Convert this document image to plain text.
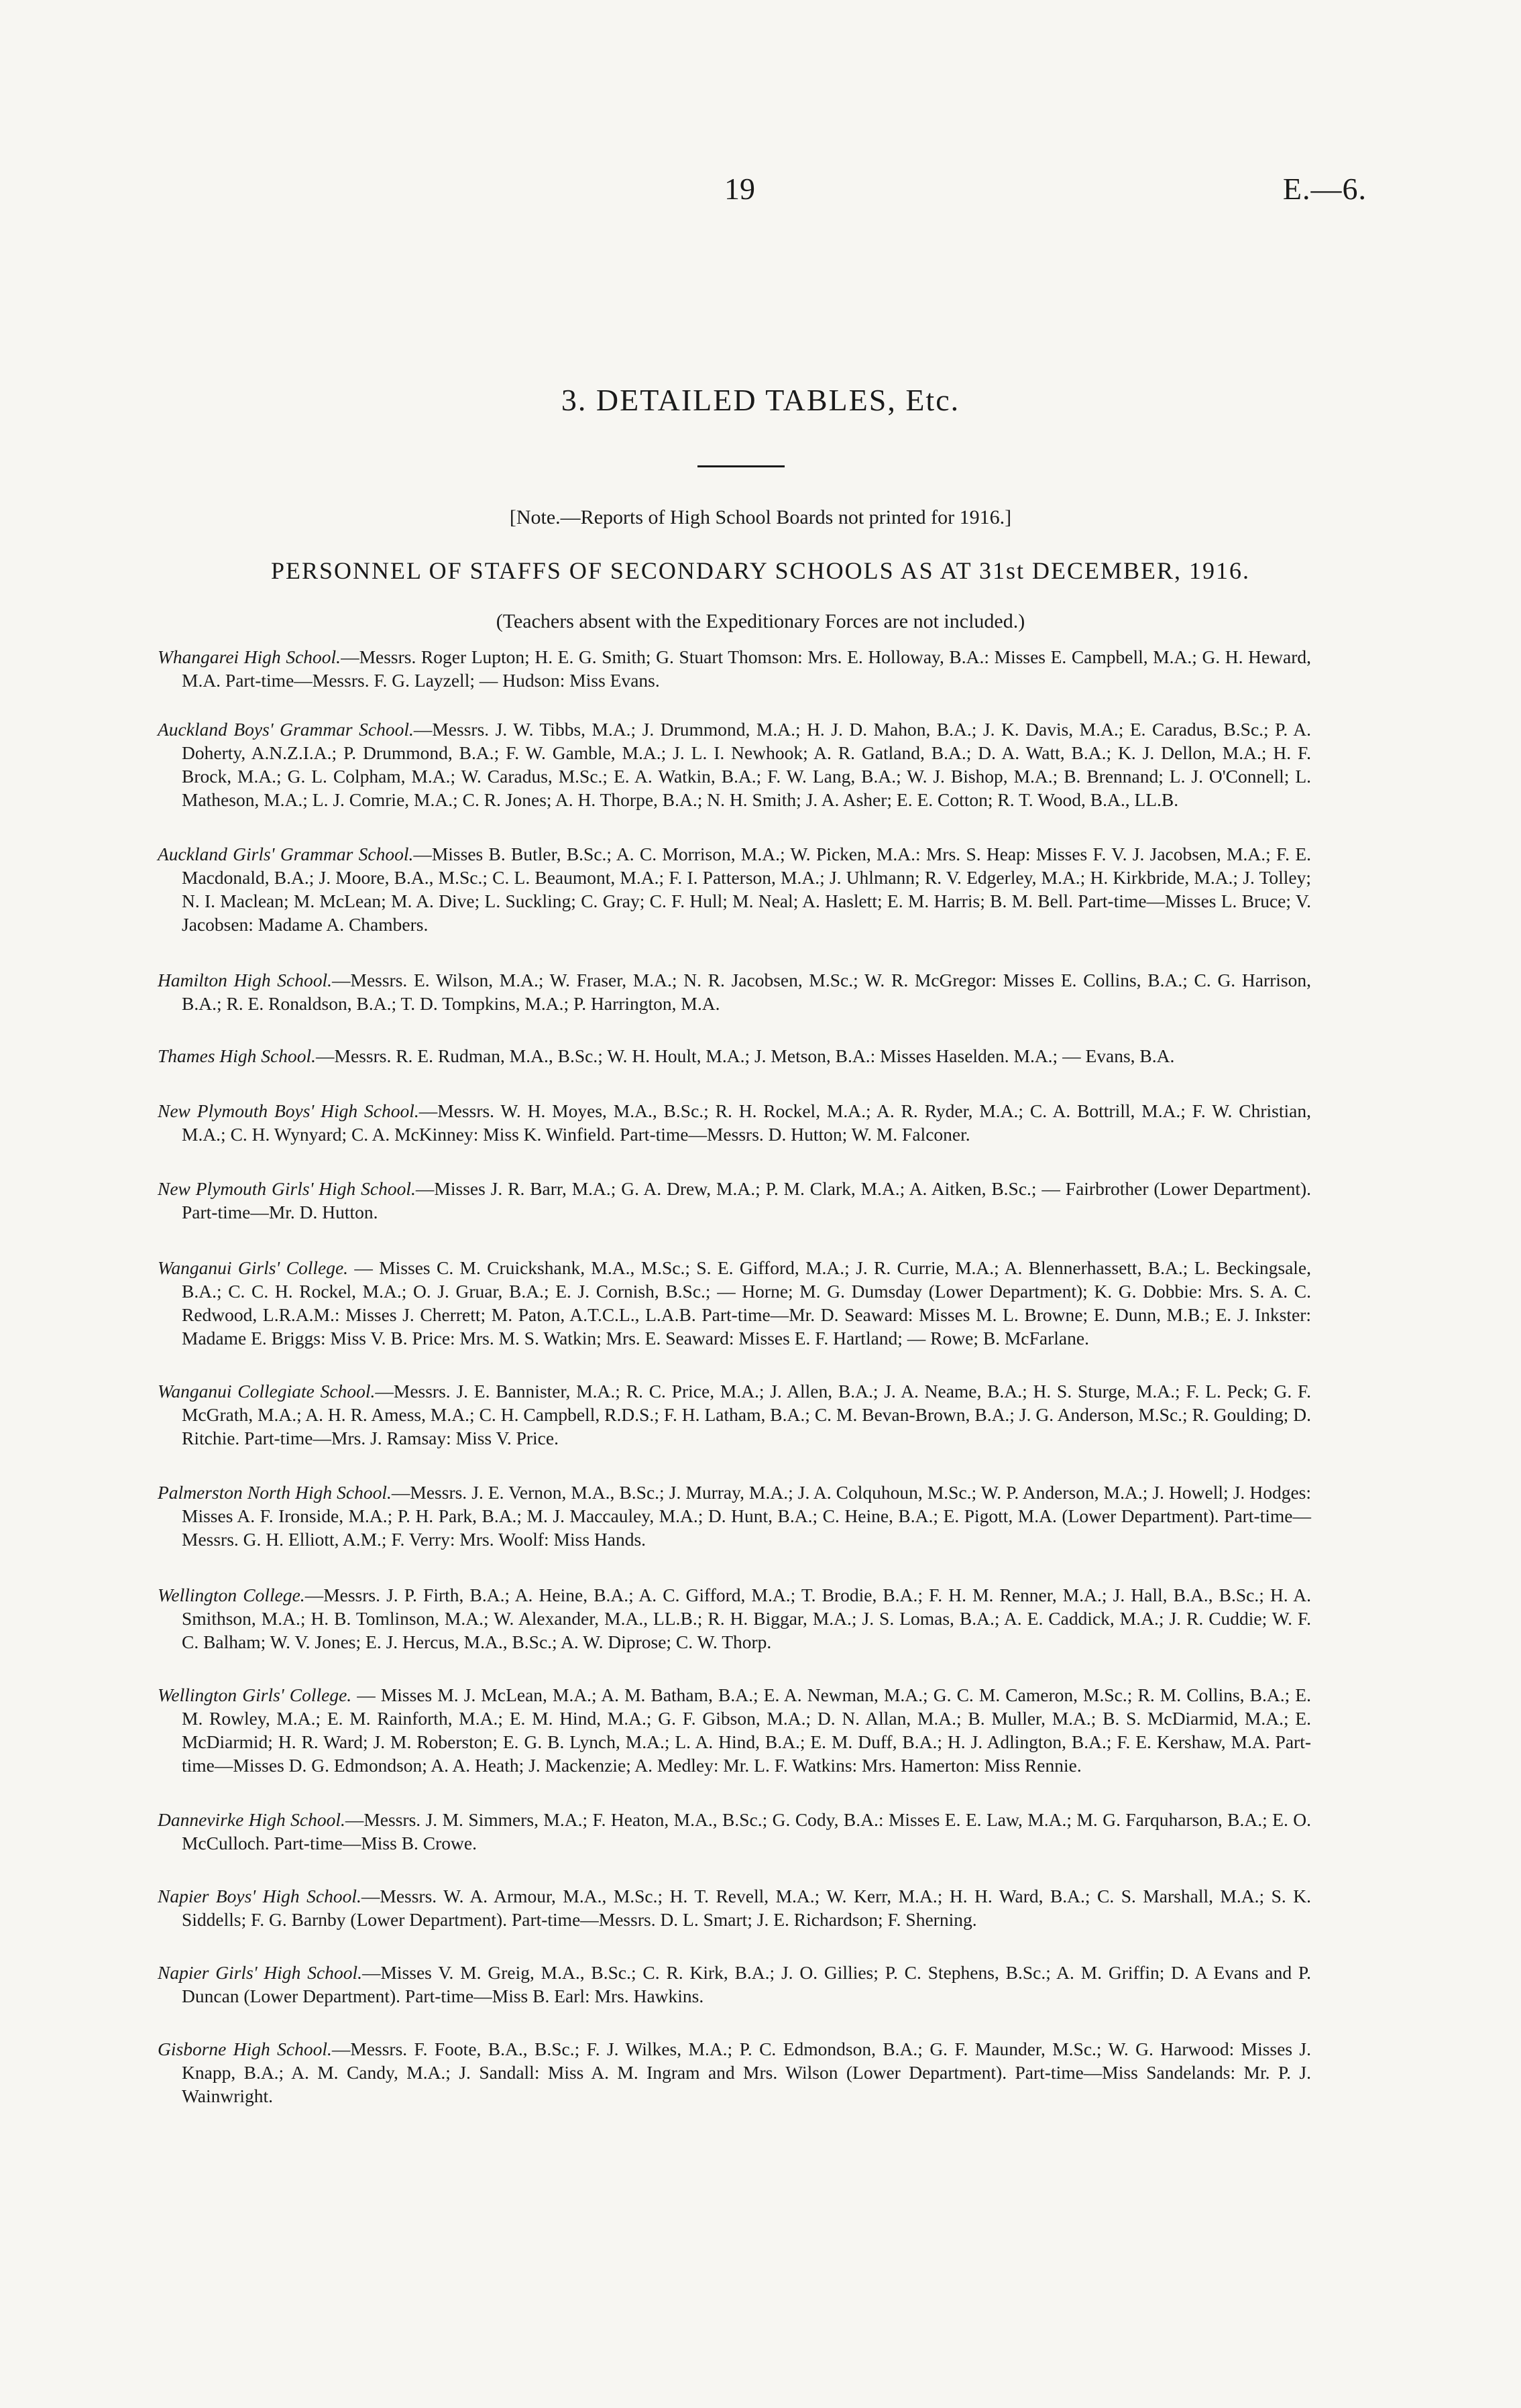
19	E.—6.
3. DETAILED TABLES, Etc.
[Note.—Reports of High School Boards not printed for 1916.]
PERSONNEL OF STAFFS OF SECONDARY SCHOOLS AS AT 31st DECEMBER, 1916.
(Teachers absent with the Expeditionary Forces are not included.)

Whangarei High School.—Messrs. Roger Lupton; H. E. G. Smith; G. Stuart Thomson: Mrs. E. Holloway, B.A.: Misses E. Campbell, M.A.; G. H. Heward, M.A. Part-time—Messrs. F. G. Layzell; — Hudson: Miss Evans.

Auckland Boys' Grammar School.—Messrs. J. W. Tibbs, M.A.; J. Drummond, M.A.; H. J. D. Mahon, B.A.; J. K. Davis, M.A.; E. Caradus, B.Sc.; P. A. Doherty, A.N.Z.I.A.; P. Drummond, B.A.; F. W. Gamble, M.A.; J. L. I. Newhook; A. R. Gatland, B.A.; D. A. Watt, B.A.; K. J. Dellon, M.A.; H. F. Brock, M.A.; G. L. Colpham, M.A.; W. Caradus, M.Sc.; E. A. Watkin, B.A.; F. W. Lang, B.A.; W. J. Bishop, M.A.; B. Brennand; L. J. O'Connell; L. Matheson, M.A.; L. J. Comrie, M.A.; C. R. Jones; A. H. Thorpe, B.A.; N. H. Smith; J. A. Asher; E. E. Cotton; R. T. Wood, B.A., LL.B.

Auckland Girls' Grammar School.—Misses B. Butler, B.Sc.; A. C. Morrison, M.A.; W. Picken, M.A.: Mrs. S. Heap: Misses F. V. J. Jacobsen, M.A.; F. E. Macdonald, B.A.; J. Moore, B.A., M.Sc.; C. L. Beaumont, M.A.; F. I. Patterson, M.A.; J. Uhlmann; R. V. Edgerley, M.A.; H. Kirkbride, M.A.; J. Tolley; N. I. Maclean; M. McLean; M. A. Dive; L. Suckling; C. Gray; C. F. Hull; M. Neal; A. Haslett; E. M. Harris; B. M. Bell. Part-time—Misses L. Bruce; V. Jacobsen: Madame A. Chambers.

Hamilton High School.—Messrs. E. Wilson, M.A.; W. Fraser, M.A.; N. R. Jacobsen, M.Sc.; W. R. McGregor: Misses E. Collins, B.A.; C. G. Harrison, B.A.; R. E. Ronaldson, B.A.; T. D. Tompkins, M.A.; P. Harrington, M.A.

Thames High School.—Messrs. R. E. Rudman, M.A., B.Sc.; W. H. Hoult, M.A.; J. Metson, B.A.: Misses Haselden. M.A.; — Evans, B.A.

New Plymouth Boys' High School.—Messrs. W. H. Moyes, M.A., B.Sc.; R. H. Rockel, M.A.; A. R. Ryder, M.A.; C. A. Bottrill, M.A.; F. W. Christian, M.A.; C. H. Wynyard; C. A. McKinney: Miss K. Winfield. Part-time—Messrs. D. Hutton; W. M. Falconer.

New Plymouth Girls' High School.—Misses J. R. Barr, M.A.; G. A. Drew, M.A.; P. M. Clark, M.A.; A. Aitken, B.Sc.; — Fairbrother (Lower Department). Part-time—Mr. D. Hutton.

Wanganui Girls' College. — Misses C. M. Cruickshank, M.A., M.Sc.; S. E. Gifford, M.A.; J. R. Currie, M.A.; A. Blennerhassett, B.A.; L. Beckingsale, B.A.; C. C. H. Rockel, M.A.; O. J. Gruar, B.A.; E. J. Cornish, B.Sc.; — Horne; M. G. Dumsday (Lower Department); K. G. Dobbie: Mrs. S. A. C. Redwood, L.R.A.M.: Misses J. Cherrett; M. Paton, A.T.C.L., L.A.B. Part-time—Mr. D. Seaward: Misses M. L. Browne; E. Dunn, M.B.; E. J. Inkster: Madame E. Briggs: Miss V. B. Price: Mrs. M. S. Watkin; Mrs. E. Seaward: Misses E. F. Hartland; — Rowe; B. McFarlane.

Wanganui Collegiate School.—Messrs. J. E. Bannister, M.A.; R. C. Price, M.A.; J. Allen, B.A.; J. A. Neame, B.A.; H. S. Sturge, M.A.; F. L. Peck; G. F. McGrath, M.A.; A. H. R. Amess, M.A.; C. H. Campbell, R.D.S.; F. H. Latham, B.A.; C. M. Bevan-Brown, B.A.; J. G. Anderson, M.Sc.; R. Goulding; D. Ritchie. Part-time—Mrs. J. Ramsay: Miss V. Price.

Palmerston North High School.—Messrs. J. E. Vernon, M.A., B.Sc.; J. Murray, M.A.; J. A. Colquhoun, M.Sc.; W. P. Anderson, M.A.; J. Howell; J. Hodges: Misses A. F. Ironside, M.A.; P. H. Park, B.A.; M. J. Maccauley, M.A.; D. Hunt, B.A.; C. Heine, B.A.; E. Pigott, M.A. (Lower Department). Part-time—Messrs. G. H. Elliott, A.M.; F. Verry: Mrs. Woolf: Miss Hands.

Wellington College.—Messrs. J. P. Firth, B.A.; A. Heine, B.A.; A. C. Gifford, M.A.; T. Brodie, B.A.; F. H. M. Renner, M.A.; J. Hall, B.A., B.Sc.; H. A. Smithson, M.A.; H. B. Tomlinson, M.A.; W. Alexander, M.A., LL.B.; R. H. Biggar, M.A.; J. S. Lomas, B.A.; A. E. Caddick, M.A.; J. R. Cuddie; W. F. C. Balham; W. V. Jones; E. J. Hercus, M.A., B.Sc.; A. W. Diprose; C. W. Thorp.

Wellington Girls' College. — Misses M. J. McLean, M.A.; A. M. Batham, B.A.; E. A. Newman, M.A.; G. C. M. Cameron, M.Sc.; R. M. Collins, B.A.; E. M. Rowley, M.A.; E. M. Rainforth, M.A.; E. M. Hind, M.A.; G. F. Gibson, M.A.; D. N. Allan, M.A.; B. Muller, M.A.; B. S. McDiarmid, M.A.; E. McDiarmid; H. R. Ward; J. M. Roberston; E. G. B. Lynch, M.A.; L. A. Hind, B.A.; E. M. Duff, B.A.; H. J. Adlington, B.A.; F. E. Kershaw, M.A. Part-time—Misses D. G. Edmondson; A. A. Heath; J. Mackenzie; A. Medley: Mr. L. F. Watkins: Mrs. Hamerton: Miss Rennie.

Dannevirke High School.—Messrs. J. M. Simmers, M.A.; F. Heaton, M.A., B.Sc.; G. Cody, B.A.: Misses E. E. Law, M.A.; M. G. Farquharson, B.A.; E. O. McCulloch. Part-time—Miss B. Crowe.

Napier Boys' High School.—Messrs. W. A. Armour, M.A., M.Sc.; H. T. Revell, M.A.; W. Kerr, M.A.; H. H. Ward, B.A.; C. S. Marshall, M.A.; S. K. Siddells; F. G. Barnby (Lower Department). Part-time—Messrs. D. L. Smart; J. E. Richardson; F. Sherning.

Napier Girls' High School.—Misses V. M. Greig, M.A., B.Sc.; C. R. Kirk, B.A.; J. O. Gillies; P. C. Stephens, B.Sc.; A. M. Griffin; D. A Evans and P. Duncan (Lower Department). Part-time—Miss B. Earl: Mrs. Hawkins.

Gisborne High School.—Messrs. F. Foote, B.A., B.Sc.; F. J. Wilkes, M.A.; P. C. Edmondson, B.A.; G. F. Maunder, M.Sc.; W. G. Harwood: Misses J. Knapp, B.A.; A. M. Candy, M.A.; J. Sandall: Miss A. M. Ingram and Mrs. Wilson (Lower Department). Part-time—Miss Sandelands: Mr. P. J. Wainwright.
